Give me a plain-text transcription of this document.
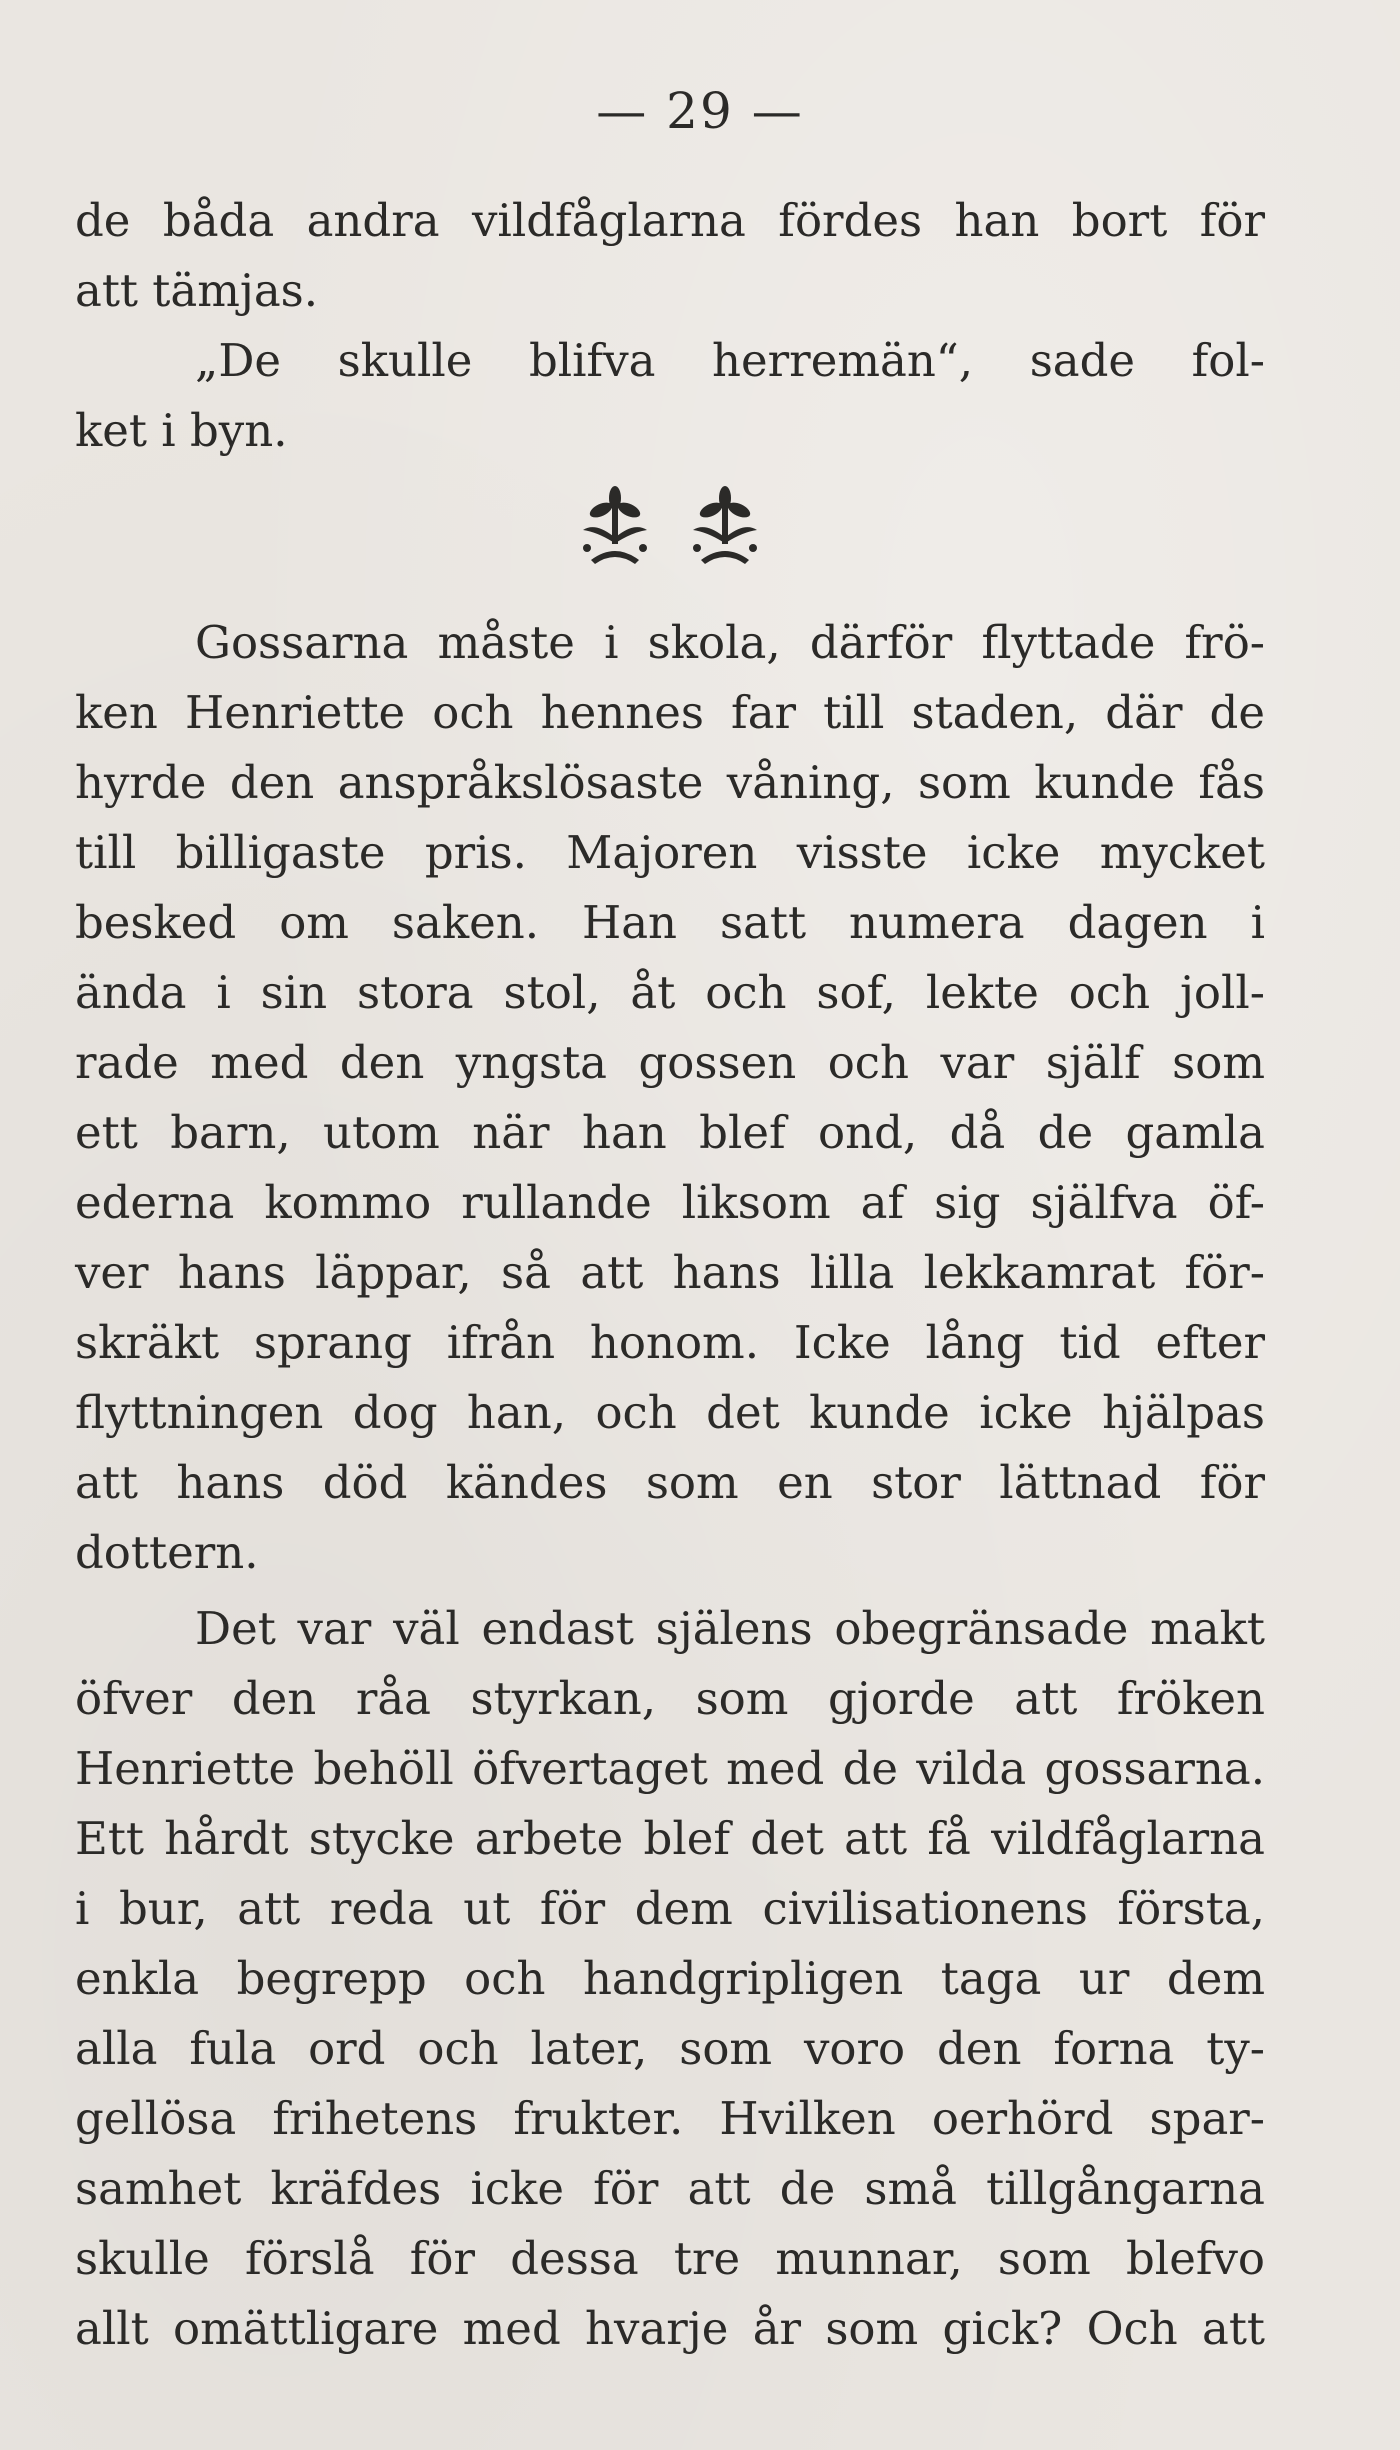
— 29 —
de båda andra vildfåglarna fördes han bort för
att tämjas.
„De skulle blifva herremän“, sade fol-
ket i byn.
Gossarna måste i skola, därför flyttade frö-
ken Henriette och hennes far till staden, där de
hyrde den anspråkslösaste våning, som kunde fås
till billigaste pris. Majoren visste icke mycket
besked om saken. Han satt numera dagen i
ända i sin stora stol, åt och sof, lekte och joll-
rade med den yngsta gossen och var själf som
ett barn, utom när han blef ond, då de gamla
ederna kommo rullande liksom af sig själfva öf-
ver hans läppar, så att hans lilla lekkamrat för-
skräkt sprang ifrån honom. Icke lång tid efter
flyttningen dog han, och det kunde icke hjälpas
att hans död kändes som en stor lättnad för
dottern.
Det var väl endast själens obegränsade makt
öfver den råa styrkan, som gjorde att fröken
Henriette behöll öfvertaget med de vilda gossarna.
Ett hårdt stycke arbete blef det att få vildfåglarna
i bur, att reda ut för dem civilisationens första,
enkla begrepp och handgripligen taga ur dem
alla fula ord och later, som voro den forna ty-
gellösa frihetens frukter. Hvilken oerhörd spar-
samhet kräfdes icke för att de små tillgångarna
skulle förslå för dessa tre munnar, som blefvo
allt omättligare med hvarje år som gick? Och att
